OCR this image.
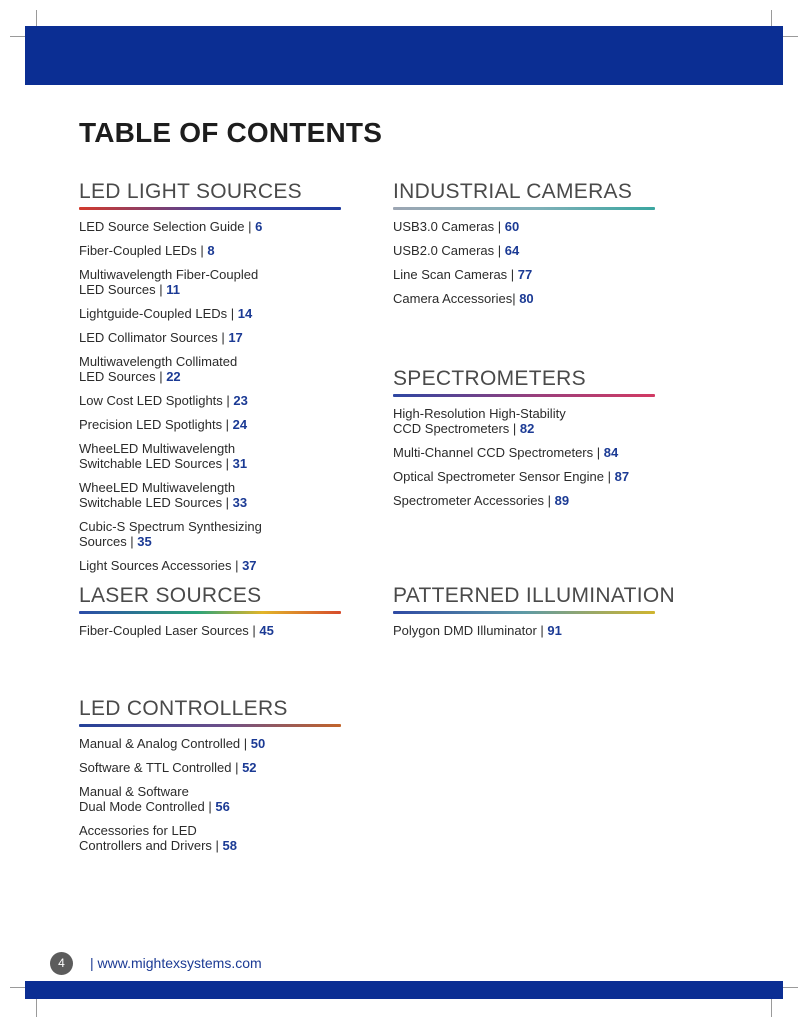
TABLE OF CONTENTS
LED LIGHT SOURCES
LED Source Selection Guide | 6
Fiber-Coupled LEDs | 8
Multiwavelength Fiber-Coupled
LED Sources | 11
Lightguide-Coupled LEDs | 14
LED Collimator Sources | 17
Multiwavelength Collimated
LED Sources | 22
Low Cost LED Spotlights | 23
Precision LED Spotlights | 24
WheeLED Multiwavelength
Switchable LED Sources | 31
WheeLED Multiwavelength
Switchable LED Sources | 33
Cubic-S Spectrum Synthesizing
Sources | 35
Light Sources Accessories | 37
LASER SOURCES
Fiber-Coupled Laser Sources | 45
LED CONTROLLERS
Manual & Analog Controlled | 50
Software & TTL Controlled | 52
Manual & Software
Dual Mode Controlled | 56
Accessories for LED
Controllers and Drivers | 58
INDUSTRIAL CAMERAS
USB3.0 Cameras | 60
USB2.0 Cameras | 64
Line Scan Cameras | 77
Camera Accessories| 80
SPECTROMETERS
High-Resolution High-Stability
CCD Spectrometers | 82
Multi-Channel CCD Spectrometers | 84
Optical Spectrometer Sensor Engine | 87
Spectrometer Accessories | 89
PATTERNED ILLUMINATION
Polygon DMD Illuminator | 91
4	| www.mightexsystems.com
